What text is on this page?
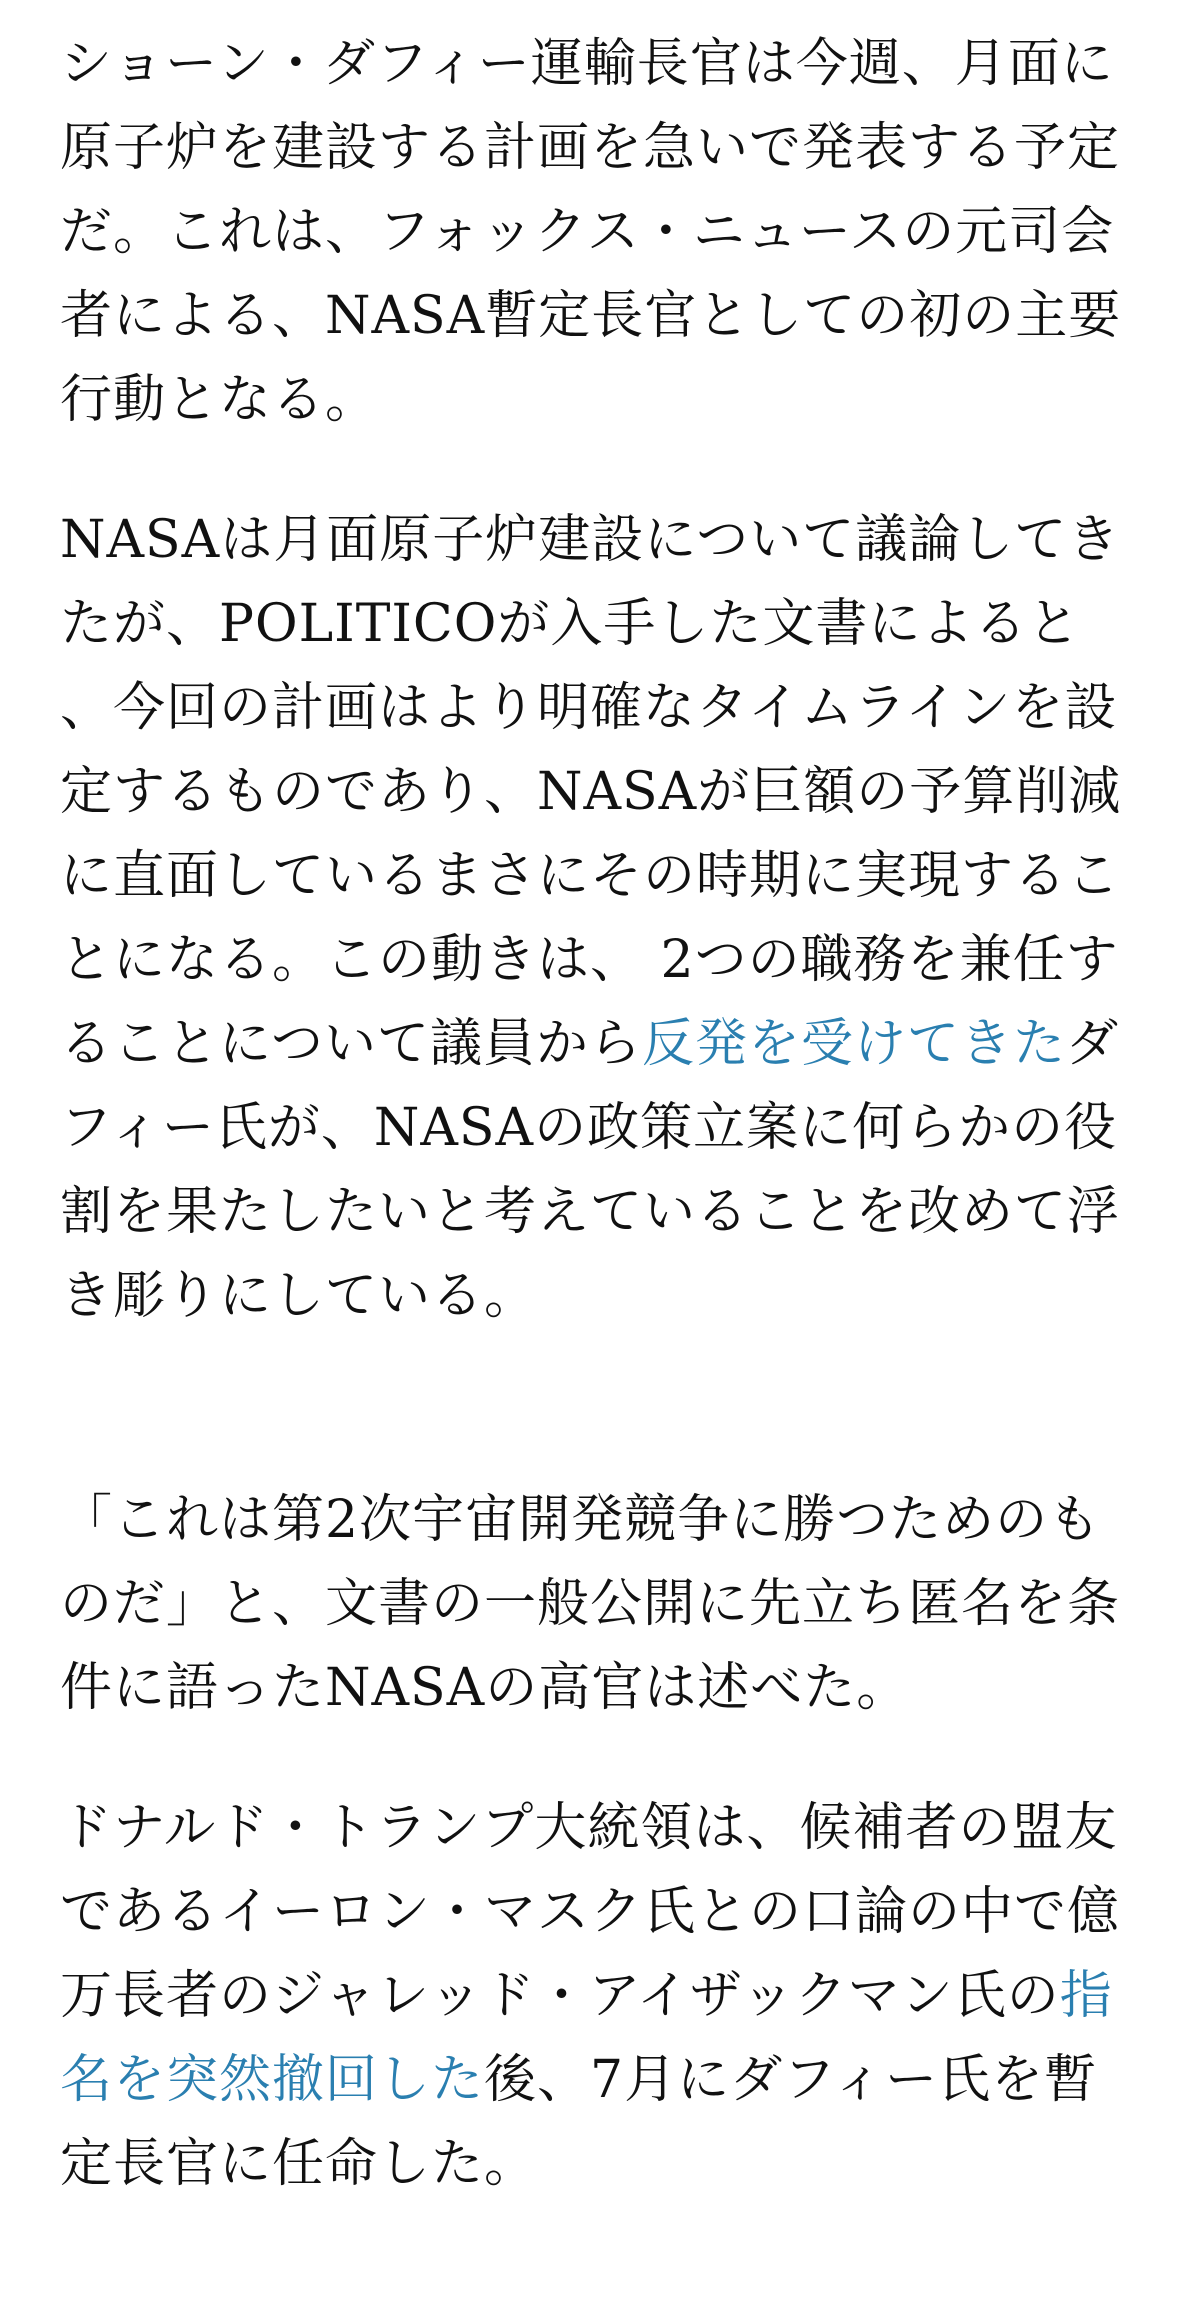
ショーン・ダフィー運輸長官は今週、月面に原子炉を建設する計画を急いで発表する予定だ。これは、フォックス・ニュースの元司会者による、NASA暫定長官としての初の主要行動となる。

NASAは月面原子炉建設について議論してきたが、POLITICOが入手した文書によると、今回の計画はより明確なタイムラインを設定するものであり、NASAが巨額の予算削減に直面しているまさにその時期に実現することになる。この動きは、 2つの職務を兼任することについて議員から反発を受けてきたダフィー氏が、NASAの政策立案に何らかの役割を果たしたいと考えていることを改めて浮き彫りにしている。

「これは第2次宇宙開発競争に勝つためのものだ」と、文書の一般公開に先立ち匿名を条件に語ったNASAの高官は述べた。

ドナルド・トランプ大統領は、候補者の盟友であるイーロン・マスク氏との口論の中で億万長者のジャレッド・アイザックマン氏の指名を突然撤回した後、7月にダフィー氏を暫定長官に任命した。
